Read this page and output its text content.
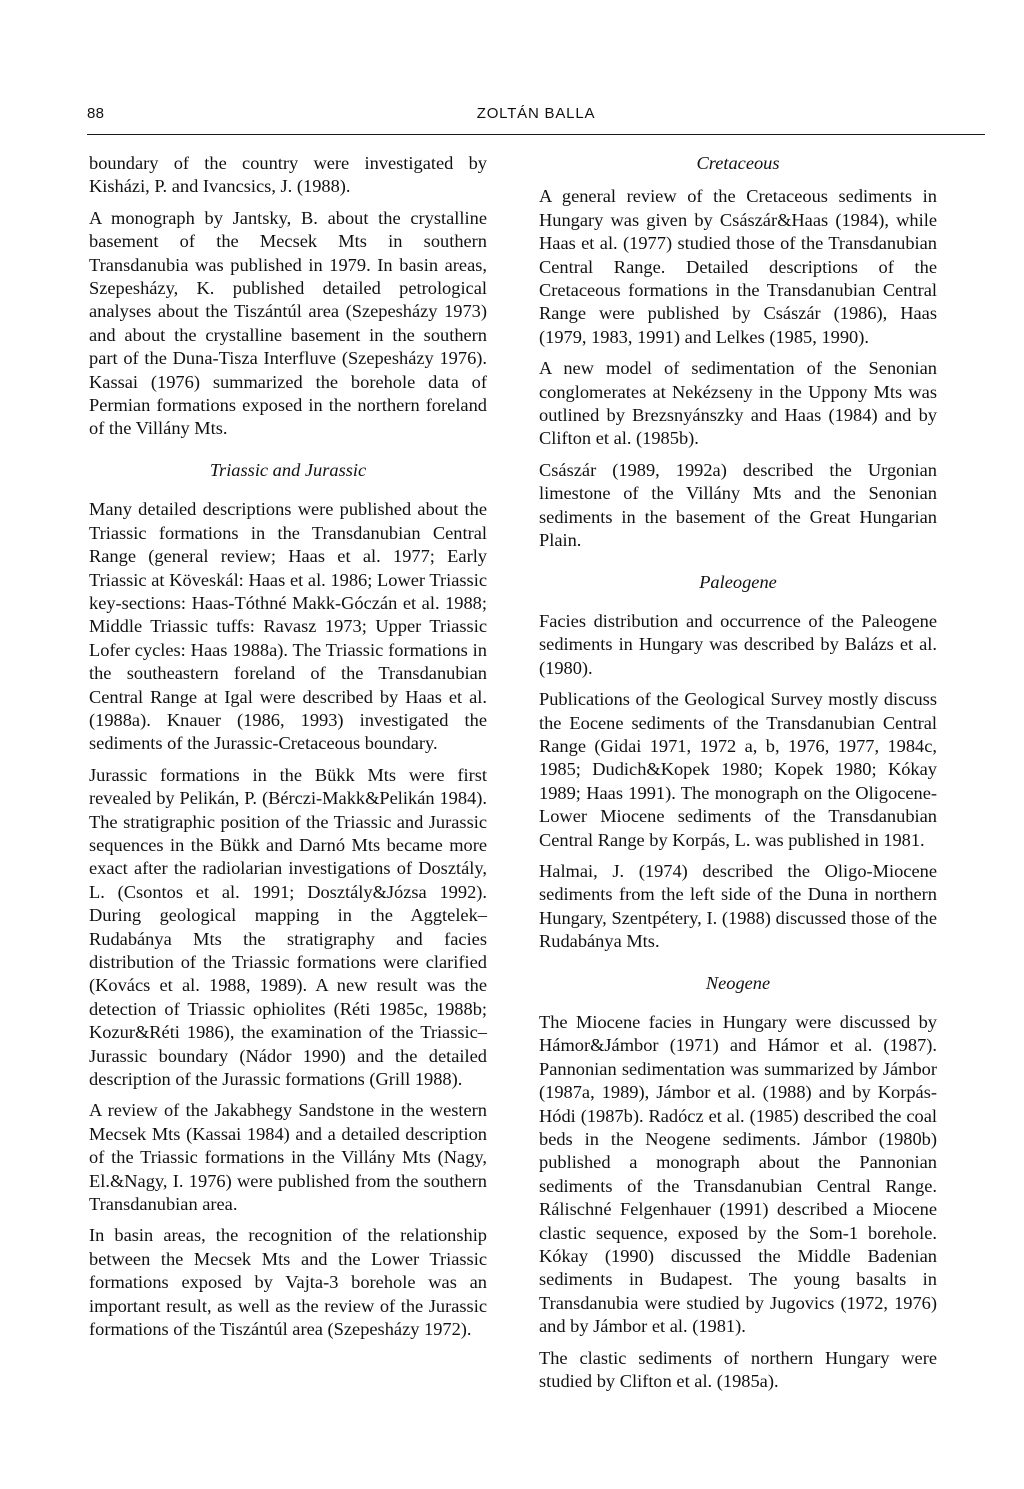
88	ZOLTÁN BALLA

boundary of the country were investigated by Kisházi, P. and Ivancsics, J. (1988).

A monograph by Jantsky, B. about the crystalline basement of the Mecsek Mts in southern Transdanubia was published in 1979. In basin areas, Szepesházy, K. published detailed petrological analyses about the Tiszántúl area (Szepesházy 1973) and about the crystalline basement in the southern part of the Duna-Tisza Interfluve (Szepesházy 1976). Kassai (1976) summarized the borehole data of Permian formations exposed in the northern foreland of the Villány Mts.

Triassic and Jurassic

Many detailed descriptions were published about the Triassic formations in the Transdanubian Central Range (general review; Haas et al. 1977; Early Triassic at Köveskál: Haas et al. 1986; Lower Triassic key-sections: Haas-Tóthné Makk-Góczán et al. 1988; Middle Triassic tuffs: Ravasz 1973; Upper Triassic Lofer cycles: Haas 1988a). The Triassic formations in the southeastern foreland of the Transdanubian Central Range at Igal were described by Haas et al. (1988a). Knauer (1986, 1993) investigated the sediments of the Jurassic-Cretaceous boundary.

Jurassic formations in the Bükk Mts were first revealed by Pelikán, P. (Bérczi-Makk&Pelikán 1984). The stratigraphic position of the Triassic and Jurassic sequences in the Bükk and Darnó Mts became more exact after the radiolarian investigations of Dosztály, L. (Csontos et al. 1991; Dosztály&Józsa 1992). During geological mapping in the Aggtelek–Rudabánya Mts the stratigraphy and facies distribution of the Triassic formations were clarified (Kovács et al. 1988, 1989). A new result was the detection of Triassic ophiolites (Réti 1985c, 1988b; Kozur&Réti 1986), the examination of the Triassic–Jurassic boundary (Nádor 1990) and the detailed description of the Jurassic formations (Grill 1988).

A review of the Jakabhegy Sandstone in the western Mecsek Mts (Kassai 1984) and a detailed description of the Triassic formations in the Villány Mts (Nagy, El.&Nagy, I. 1976) were published from the southern Transdanubian area.

In basin areas, the recognition of the relationship between the Mecsek Mts and the Lower Triassic formations exposed by Vajta-3 borehole was an important result, as well as the review of the Jurassic formations of the Tiszántúl area (Szepesházy 1972).

Cretaceous

A general review of the Cretaceous sediments in Hungary was given by Császár&Haas (1984), while Haas et al. (1977) studied those of the Transdanubian Central Range. Detailed descriptions of the Cretaceous formations in the Transdanubian Central Range were published by Császár (1986), Haas (1979, 1983, 1991) and Lelkes (1985, 1990).

A new model of sedimentation of the Senonian conglomerates at Nekézseny in the Uppony Mts was outlined by Brezsnyánszky and Haas (1984) and by Clifton et al. (1985b).

Császár (1989, 1992a) described the Urgonian limestone of the Villány Mts and the Senonian sediments in the basement of the Great Hungarian Plain.

Paleogene

Facies distribution and occurrence of the Paleogene sediments in Hungary was described by Balázs et al. (1980).

Publications of the Geological Survey mostly discuss the Eocene sediments of the Transdanubian Central Range (Gidai 1971, 1972 a, b, 1976, 1977, 1984c, 1985; Dudich&Kopek 1980; Kopek 1980; Kókay 1989; Haas 1991). The monograph on the Oligocene-Lower Miocene sediments of the Transdanubian Central Range by Korpás, L. was published in 1981.

Halmai, J. (1974) described the Oligo-Miocene sediments from the left side of the Duna in northern Hungary, Szentpétery, I. (1988) discussed those of the Rudabánya Mts.

Neogene

The Miocene facies in Hungary were discussed by Hámor&Jámbor (1971) and Hámor et al. (1987). Pannonian sedimentation was summarized by Jámbor (1987a, 1989), Jámbor et al. (1988) and by Korpás-Hódi (1987b). Radócz et al. (1985) described the coal beds in the Neogene sediments. Jámbor (1980b) published a monograph about the Pannonian sediments of the Transdanubian Central Range. Rálischné Felgenhauer (1991) described a Miocene clastic sequence, exposed by the Som-1 borehole. Kókay (1990) discussed the Middle Badenian sediments in Budapest. The young basalts in Transdanubia were studied by Jugovics (1972, 1976) and by Jámbor et al. (1981).

The clastic sediments of northern Hungary were studied by Clifton et al. (1985a).
